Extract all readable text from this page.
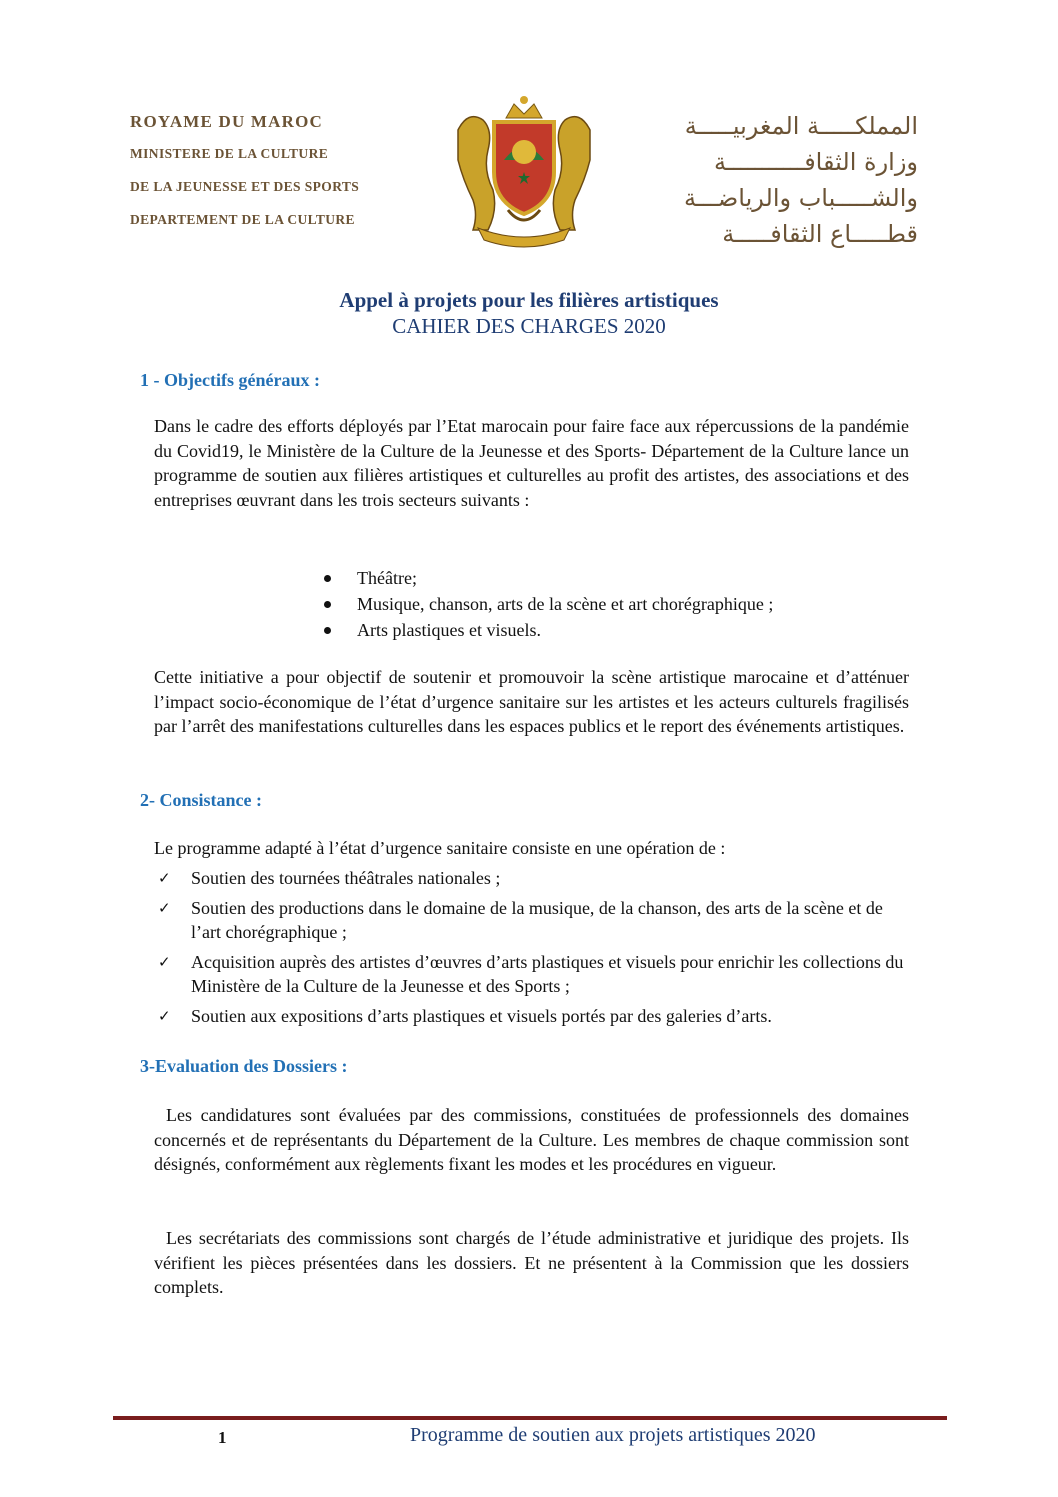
ROYAME DU MAROC
MINISTERE DE LA CULTURE
DE LA JEUNESSE ET DES SPORTS
DEPARTEMENT DE LA CULTURE
المملكـــــة المغربيـــــة
وزارة الثقافـــــــــــة
والشـــــباب والرياضـــة
قطـــــاع الثقافـــــة
Appel à projets pour les filières artistiques
CAHIER DES CHARGES 2020
1 - Objectifs généraux :
Dans le cadre des efforts déployés par l’Etat marocain pour faire face aux répercussions de la pandémie du Covid19, le Ministère de la Culture de la Jeunesse et des Sports- Département de la Culture lance un programme de soutien aux filières artistiques et culturelles au profit des artistes, des associations et des entreprises œuvrant dans les trois secteurs suivants :
Théâtre;
Musique, chanson, arts de la scène et art chorégraphique ;
Arts plastiques et visuels.
Cette initiative a pour objectif de soutenir et promouvoir la scène artistique marocaine et d’atténuer l’impact socio-économique de l’état d’urgence sanitaire sur les artistes et les acteurs culturels fragilisés par l’arrêt des manifestations culturelles dans les espaces publics et le report des événements artistiques.
2- Consistance :
Le programme adapté à l’état d’urgence sanitaire consiste en une opération de :
✓ Soutien des tournées théâtrales nationales ;
✓ Soutien des productions dans le domaine de la musique, de la chanson, des arts de la scène et de l’art chorégraphique ;
✓ Acquisition auprès des artistes d’œuvres d’arts plastiques et visuels pour enrichir les collections du Ministère de la Culture de la Jeunesse et des Sports ;
✓ Soutien aux expositions d’arts plastiques et visuels portés par des galeries d’arts.
3-Evaluation des Dossiers :
Les candidatures sont évaluées par des commissions, constituées de professionnels des domaines concernés et de représentants du Département de la Culture. Les membres de chaque commission sont désignés, conformément aux règlements fixant les modes et les procédures en vigueur.
Les secrétariats des commissions sont chargés de l’étude administrative et juridique des projets. Ils vérifient les pièces présentées dans les dossiers. Et ne présentent à la Commission que les dossiers complets.
1	Programme de soutien aux projets artistiques 2020
